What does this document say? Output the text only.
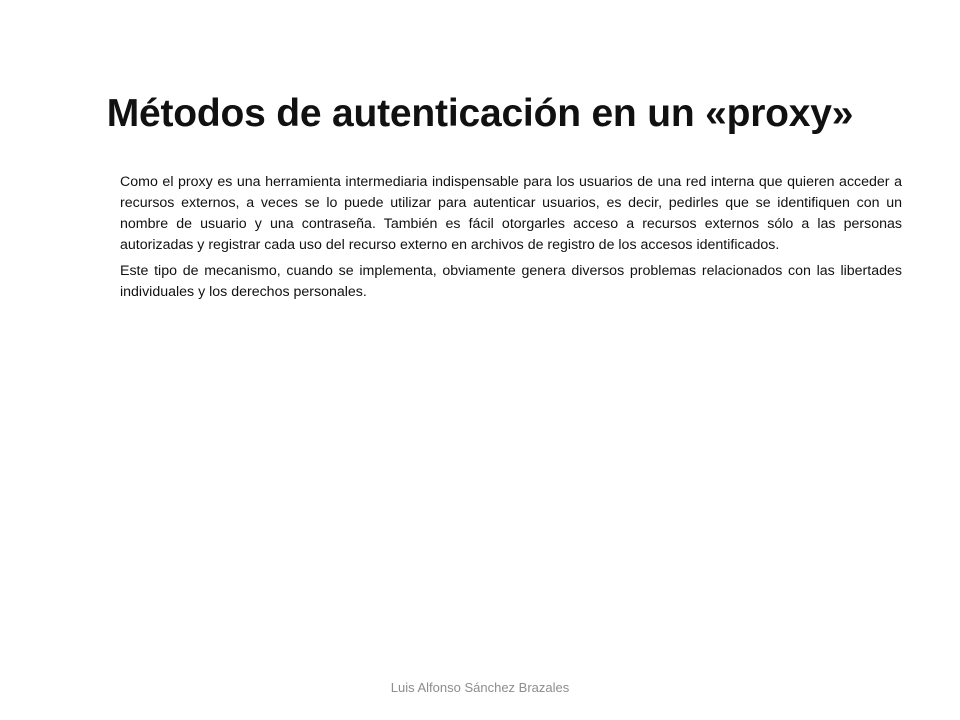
Métodos de autenticación en un «proxy»

Como el proxy es una herramienta intermediaria indispensable para los usuarios de una red interna que quieren acceder a recursos externos, a veces se lo puede utilizar para autenticar usuarios, es decir, pedirles que se identifiquen con un nombre de usuario y una contraseña. También es fácil otorgarles acceso a recursos externos sólo a las personas autorizadas y registrar cada uso del recurso externo en archivos de registro de los accesos identificados.

Este tipo de mecanismo, cuando se implementa, obviamente genera diversos problemas relacionados con las libertades individuales y los derechos personales.

Luis Alfonso Sánchez Brazales
